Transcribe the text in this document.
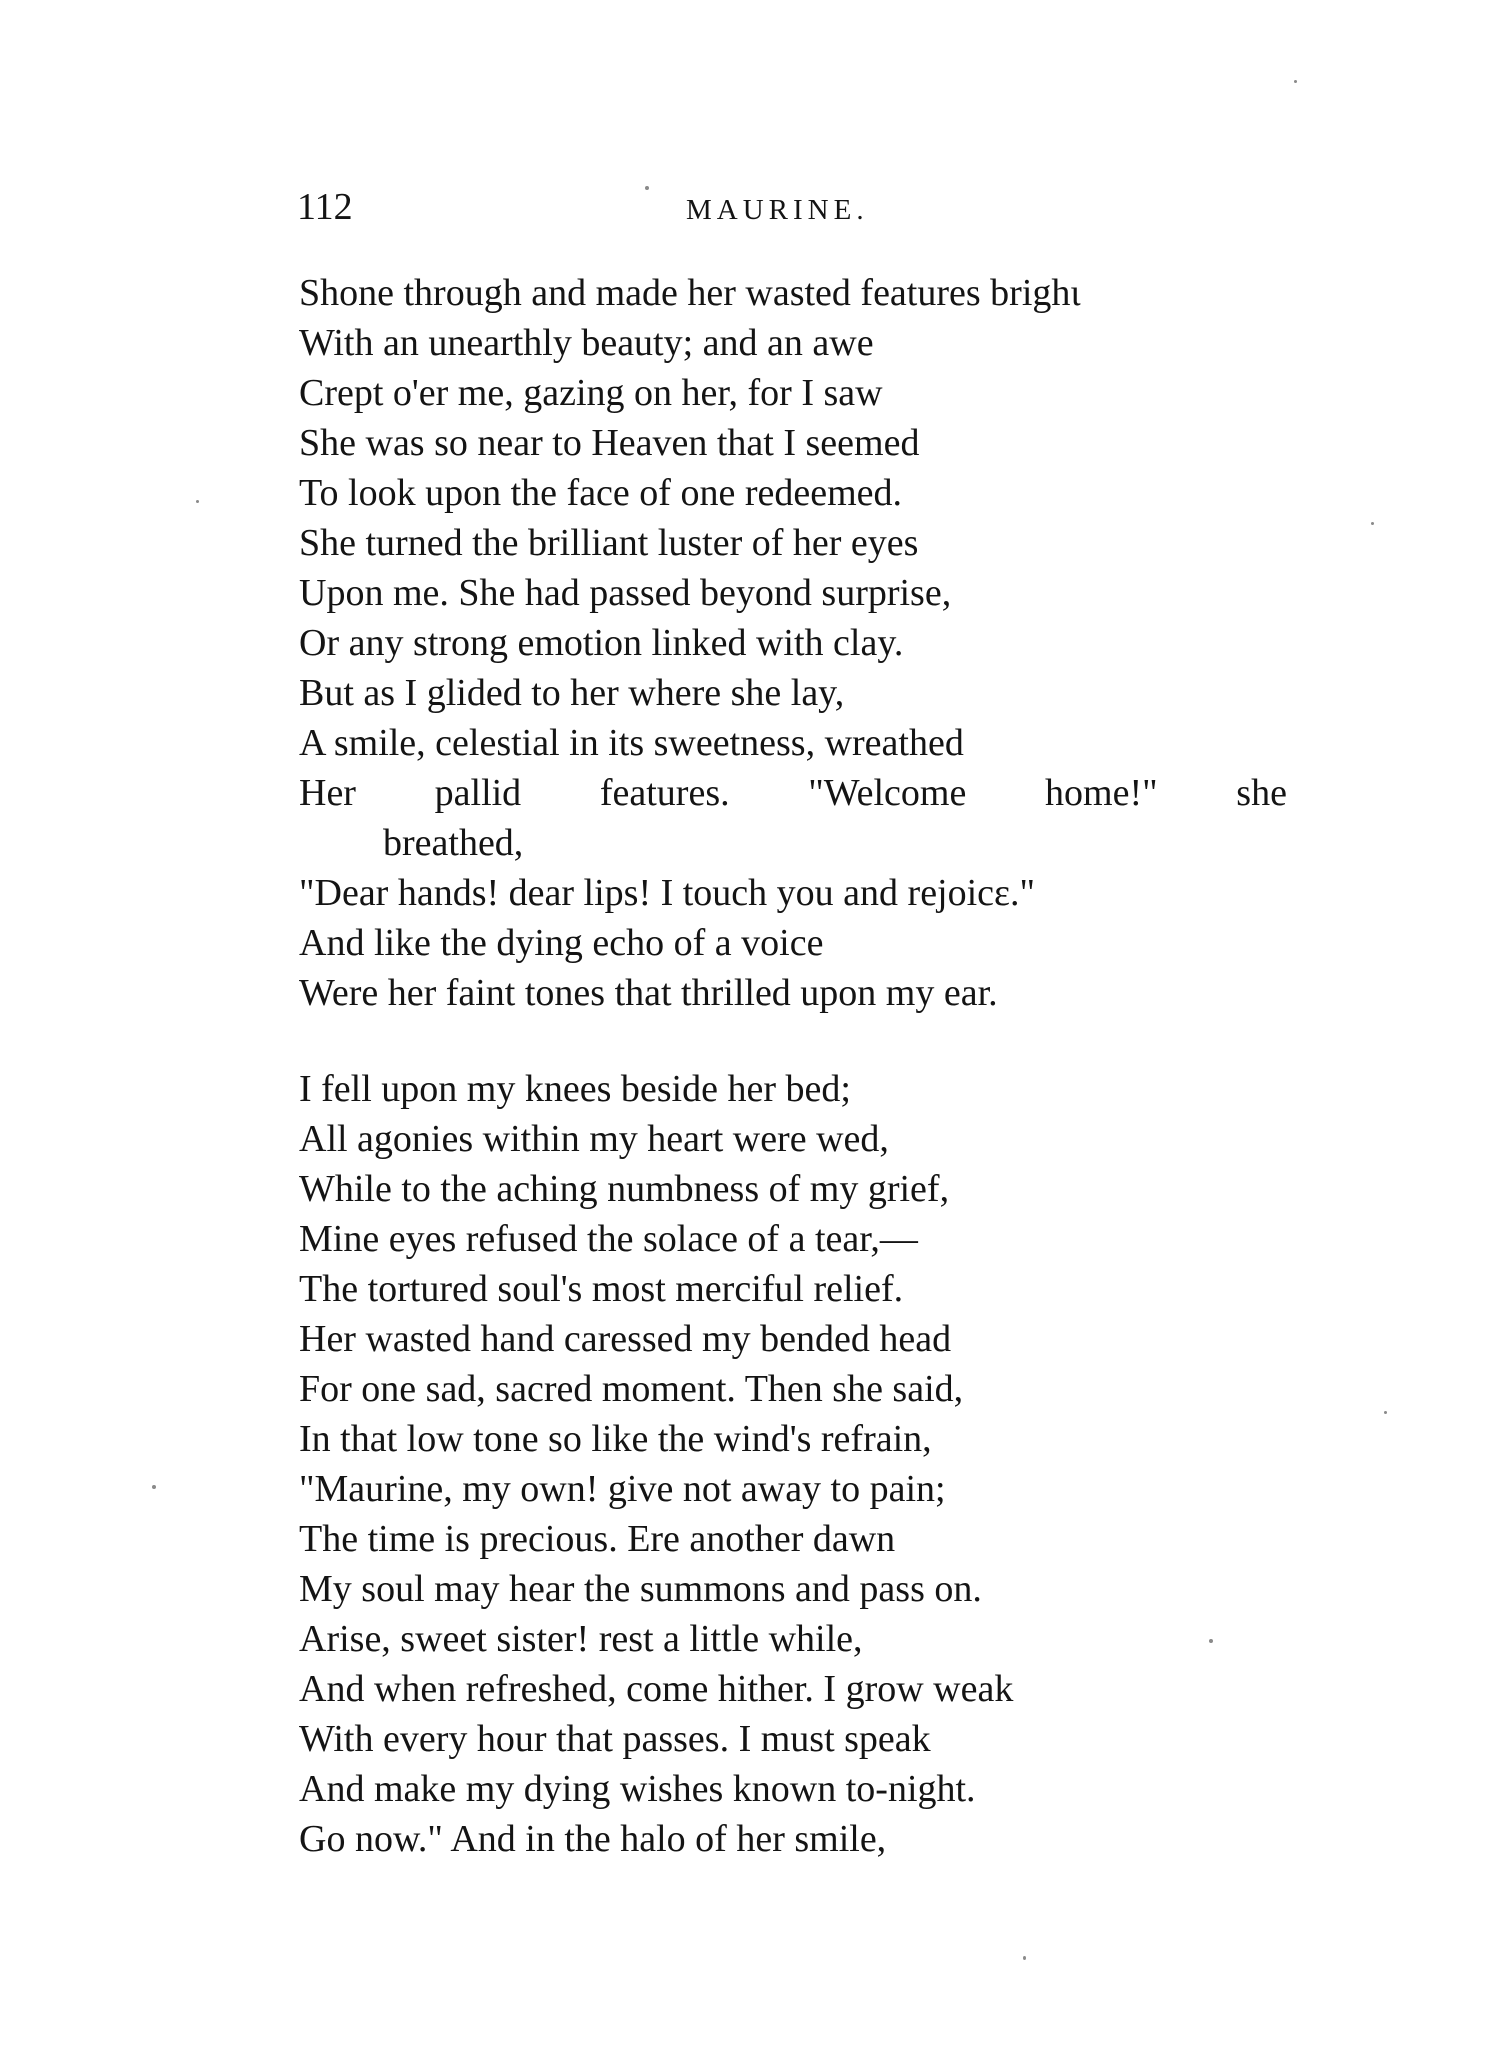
112	MAURINE.
Shone through and made her wasted features brighι
With an unearthly beauty; and an awe
Crept o'er me, gazing on her, for I saw
She was so near to Heaven that I seemed
To look upon the face of one redeemed.
She turned the brilliant luster of her eyes
Upon me. She had passed beyond surprise,
Or any strong emotion linked with clay.
But as I glided to her where she lay,
A smile, celestial in its sweetness, wreathed
Her pallid features. "Welcome home!" she
breathed,
"Dear hands! dear lips! I touch you and rejoicε."
And like the dying echo of a voice
Were her faint tones that thrilled upon my ear.
I fell upon my knees beside her bed;
All agonies within my heart were wed,
While to the aching numbness of my grief,
Mine eyes refused the solace of a tear,—
The tortured soul's most merciful relief.
Her wasted hand caressed my bended head
For one sad, sacred moment. Then she said,
In that low tone so like the wind's refrain,
"Maurine, my own! give not away to pain;
The time is precious. Ere another dawn
My soul may hear the summons and pass on.
Arise, sweet sister! rest a little while,
And when refreshed, come hither. I grow weak
With every hour that passes. I must speak
And make my dying wishes known to-night.
Go now." And in the halo of her smile,
